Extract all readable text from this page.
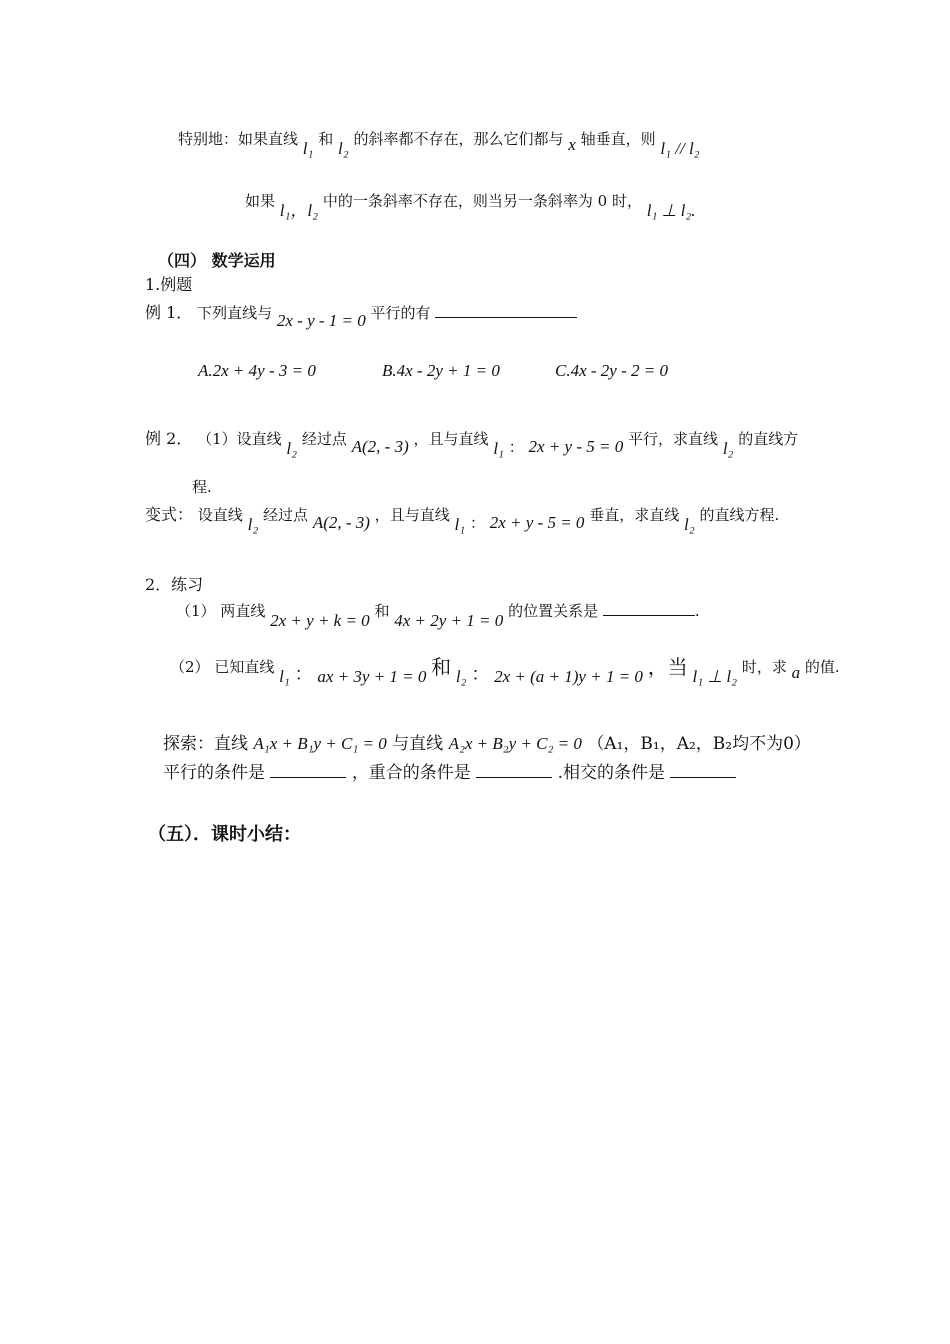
特别地：如果直线 l₁ 和 l₂ 的斜率都不存在，那么它们都与 x 轴垂直，则 l₁ // l₂
如果 l₁，l₂ 中的一条斜率不存在，则当另一条斜率为 0 时， l₁ ⊥ l₂.
（四） 数学运用
1.例题
例 1． 下列直线与 2x - y - 1 = 0 平行的有
A.2x + 4y - 3 = 0	B.4x - 2y + 1 = 0	C.4x - 2y - 2 = 0
例 2． （1）设直线 l₂ 经过点 A(2, - 3) ，且与直线 l₁ ： 2x + y - 5 = 0 平行，求直线 l₂ 的直线方
程.
变式： 设直线 l₂ 经过点 A(2, - 3) ，且与直线 l₁ ： 2x + y - 5 = 0 垂直，求直线 l₂ 的直线方程.
2．练习
（1） 两直线 2x + y + k = 0 和 4x + 2y + 1 = 0 的位置关系是	.
（2） 已知直线 l₁ ： ax + 3y + 1 = 0 和 l₂ ： 2x + (a + 1)y + 1 = 0 ，当 l₁ ⊥ l₂ 时，求 a 的值.
探索：直线 A₁x + B₁y + C₁ = 0 与直线 A₂x + B₂y + C₂ = 0 （A₁，B₁，A₂，B₂均不为0）
平行的条件是	，重合的条件是	.相交的条件是
（五）．课时小结：
